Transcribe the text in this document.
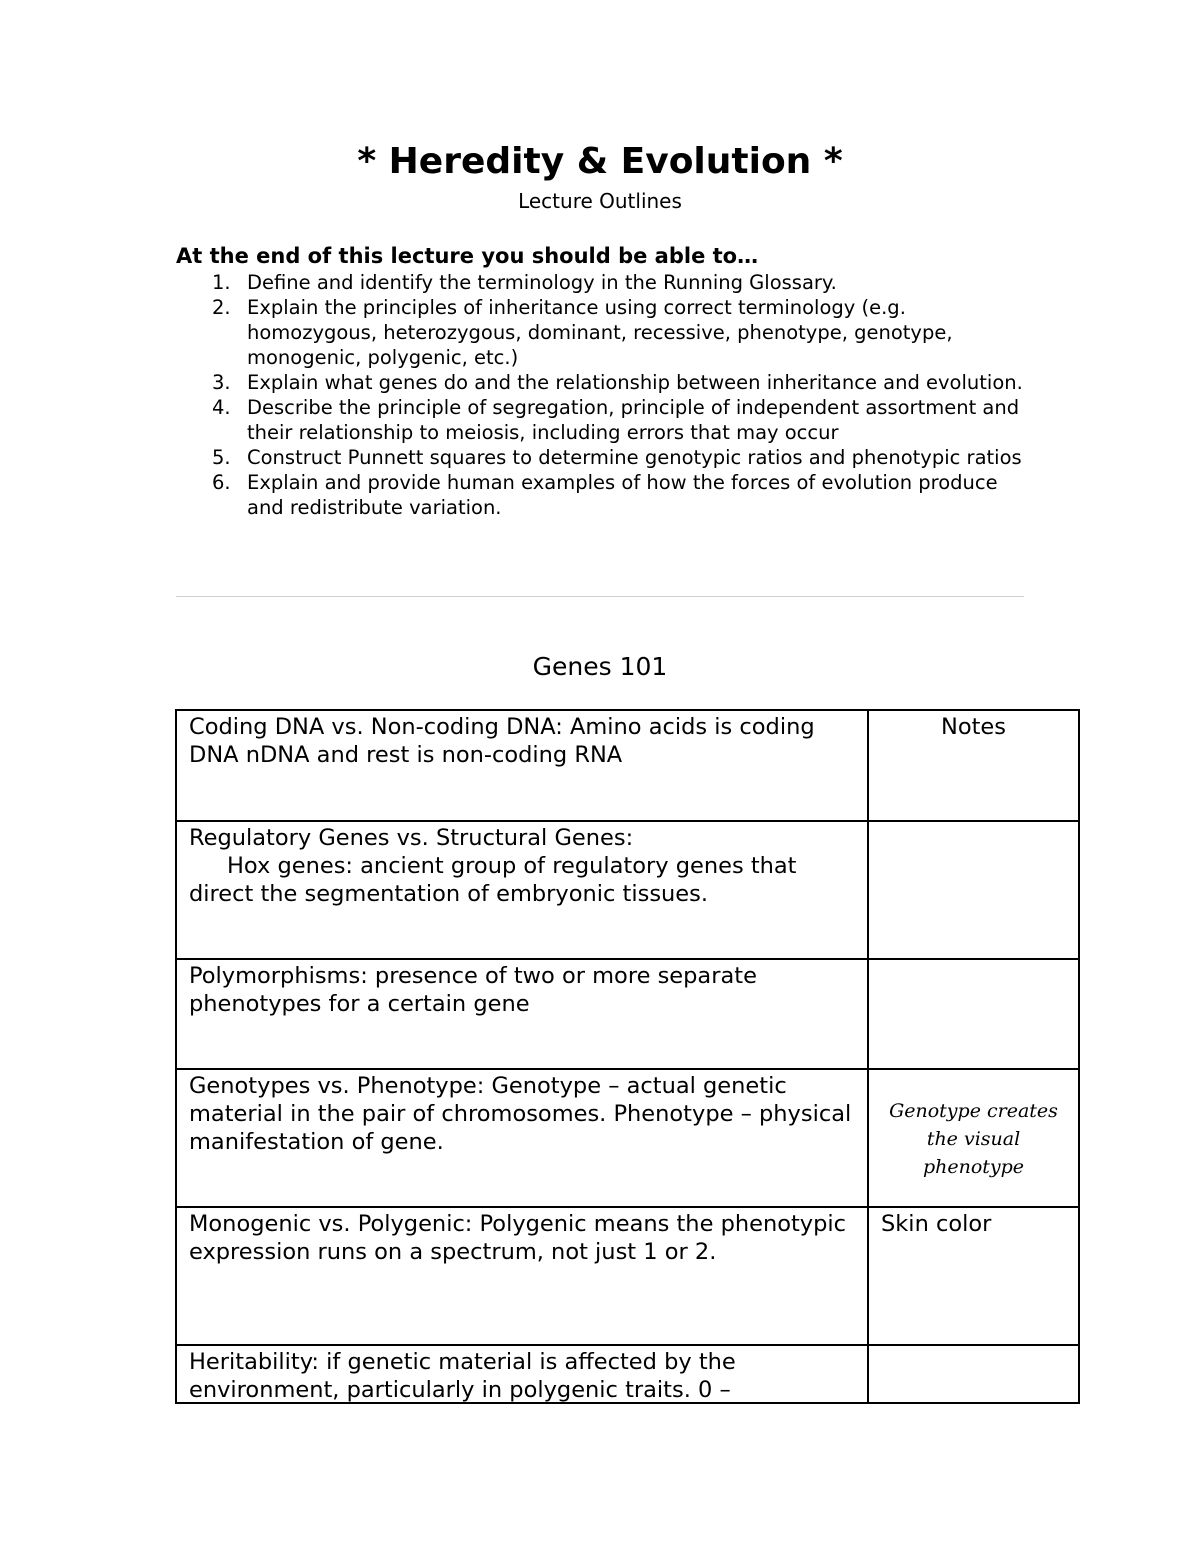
* Heredity & Evolution *
Lecture Outlines
At the end of this lecture you should be able to…
1. Define and identify the terminology in the Running Glossary.
2. Explain the principles of inheritance using correct terminology (e.g. homozygous, heterozygous, dominant, recessive, phenotype, genotype, monogenic, polygenic, etc.)
3. Explain what genes do and the relationship between inheritance and evolution.
4. Describe the principle of segregation, principle of independent assortment and their relationship to meiosis, including errors that may occur
5. Construct Punnett squares to determine genotypic ratios and phenotypic ratios
6. Explain and provide human examples of how the forces of evolution produce and redistribute variation.
Genes 101
Coding DNA vs. Non-coding DNA: Amino acids is coding DNA nDNA and rest is non-coding RNA	Notes
Regulatory Genes vs. Structural Genes:
Hox genes: ancient group of regulatory genes that direct the segmentation of embryonic tissues.	
Polymorphisms: presence of two or more separate phenotypes for a certain gene	
Genotypes vs. Phenotype: Genotype – actual genetic material in the pair of chromosomes. Phenotype – physical manifestation of gene.	Genotype creates the visual phenotype

Monogenic vs. Polygenic: Polygenic means the phenotypic expression runs on a spectrum, not just 1 or 2.	Skin color

Heritability: if genetic material is affected by the environment, particularly in polygenic traits. 0 –	
